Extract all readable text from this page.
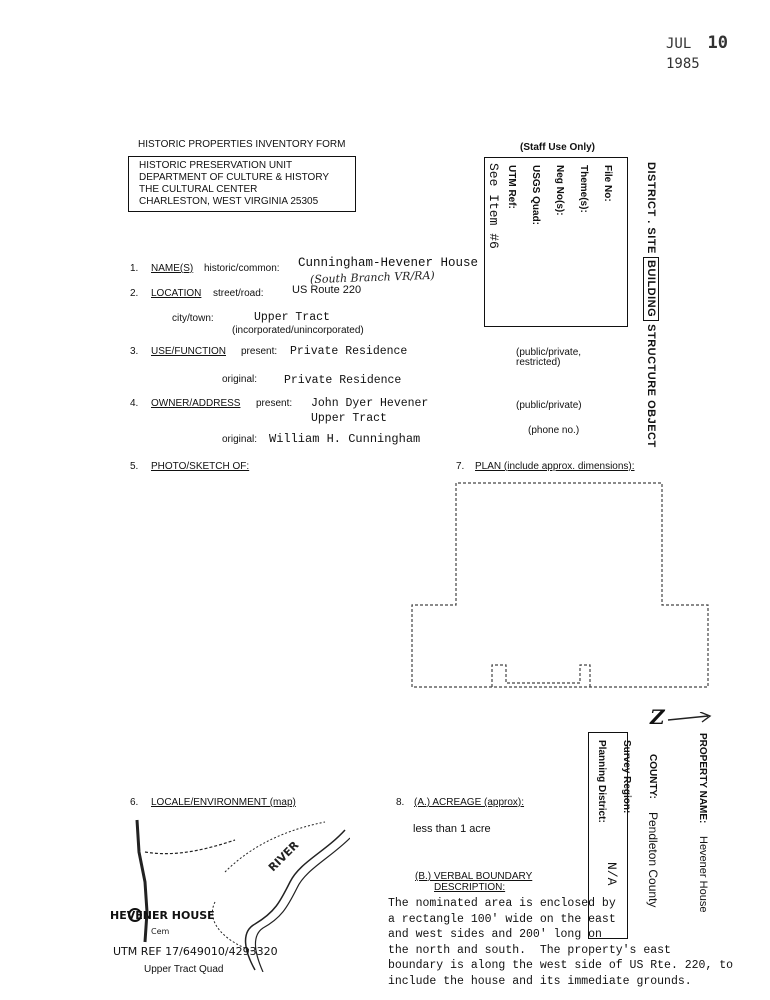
JUL 10 1985
HISTORIC PROPERTIES INVENTORY FORM
HISTORIC PRESERVATION UNIT
DEPARTMENT OF CULTURE & HISTORY
THE CULTURAL CENTER
CHARLESTON, WEST VIRGINIA 25305
(Staff Use Only)
File No:
Theme(s):
Neg No(s):
USGS Quad:
UTM Ref:
See Item #6	DISTRICT . SITE BUILDING STRUCTURE OBJECT
1. NAME(S) historic/common: Cunningham-Hevener House
(South Branch VR/RA)
2. LOCATION street/road:	US Route 220
city/town:	Upper Tract
(incorporated/unincorporated)
3. USE/FUNCTION present: Private Residence	(public/private, restricted)
original: Private Residence
4. OWNER/ADDRESS present: John Dyer Hevener
Upper Tract
(public/private)
(phone no.)
original: William H. Cunningham
5. PHOTO/SKETCH OF:	7. PLAN (include approx. dimensions):
Planning District: Survey Region:
N/A
COUNTY:
Pendleton County
PROPERTY NAME:
Hevener House
Z
6. LOCALE/ENVIRONMENT (map)
RIVER
HEVENER HOUSE
Cem
UTM REF 17/649010/4293320
Upper Tract Quad
8. (A.) ACREAGE (approx):
less than 1 acre
(B.) VERBAL BOUNDARY
DESCRIPTION:
The nominated area is enclosed by
a rectangle 100' wide on the east
and west sides and 200' long on
the north and south.  The property's east
boundary is along the west side of US Rte. 220, to
include the house and its immediate grounds.
